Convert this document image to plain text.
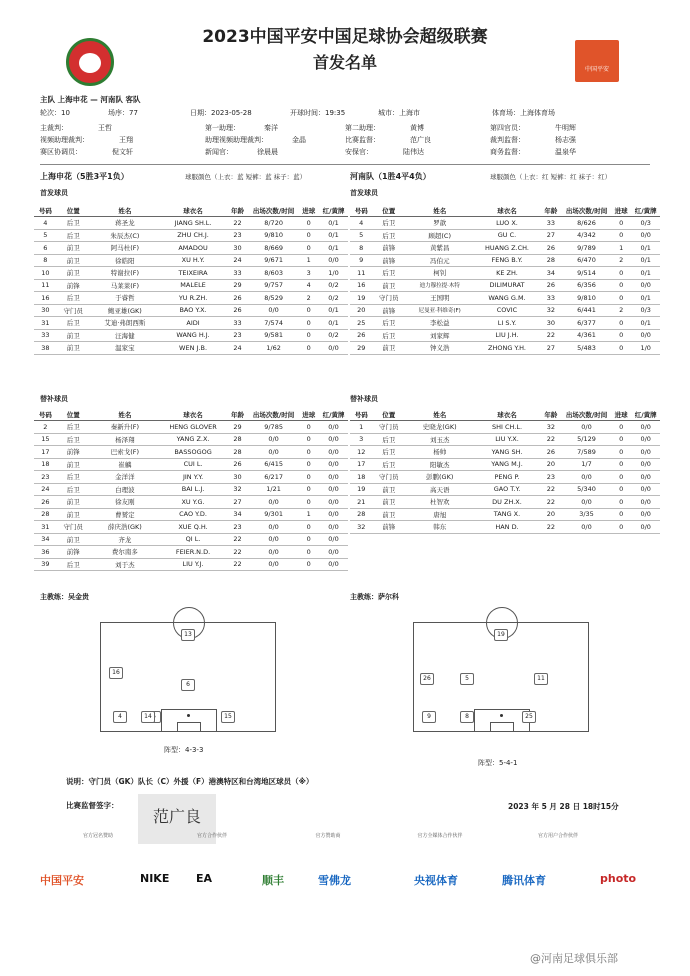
2023中国平安中国足球协会超级联赛
首发名单	中国平安
主队 上海申花 — 河南队 客队
轮次：10	场序：77	日期：2023-05-28	开球时间：19:35	城市：上海市	体育场：上海体育场
主裁判：	王哲	第一助理：	秦洋	第二助理：	黄博	第四官员：	牛明辉
视频助理裁判：	王翔	助理视频助理裁判：	金晶	比赛监督：	范广良	裁判监督：	杨志强
赛区协调员：	倪文轩	新闻官：	徐晨晨	安保官：	陆伟达	商务监督：	温泉华
上海申花（5胜3平1负）	球服颜色（上衣：蓝 短裤：蓝 袜子：蓝）	河南队（1胜4平4负）	球服颜色（上衣：红 短裤：红 袜子：红）
首发球员	首发球员
号码	位置	姓名	球衣名	年龄	出场次数/时间	进球	红/黄牌
4	后卫	蒋圣龙	JIANG SH.L.	22	8/720	0	0/1
5	后卫	朱辰杰(C)	ZHU CH.J.	23	9/810	0	0/1
6	前卫	阿马杜(F)	AMADOU	30	8/669	0	0/1
8	前卫	徐皓阳	XU H.Y.	24	9/671	1	0/0
10	前卫	特谢拉(F)	TEIXEIRA	33	8/603	3	1/0
11	前锋	马莱莱(F)	MALELE	29	9/757	4	0/2
16	后卫	于睿哲	YU R.ZH.	26	8/529	2	0/2
30	守门员	鲍亚雄(GK)	BAO Y.X.	26	0/0	0	0/1
31	后卫	艾迪·弗朗西斯	AIDI	33	7/574	0	0/1
33	前卫	汪海健	WANG H.J.	23	9/581	0	0/2
38	前卫	温家宝	WEN J.B.	24	1/62	0	0/0
号码	位置	姓名	球衣名	年龄	出场次数/时间	进球	红/黄牌
4	后卫	罗歆	LUO X.	33	8/626	0	0/3
5	后卫	顾超(C)	GU C.	27	4/342	0	0/0
8	前锋	黄紫昌	HUANG Z.CH.	26	9/789	1	0/1
9	前锋	冯伯元	FENG B.Y.	28	6/470	2	0/1
11	后卫	柯钊	KE ZH.	34	9/514	0	0/1
16	前卫	迪力穆拉提·木特	DILIMURAT	26	6/356	0	0/0
19	守门员	王国明	WANG G.M.	33	9/810	0	0/1
20	前锋	尼曼亚·科维奇(F)	COVIC	32	6/441	2	0/3
25	后卫	李松益	LI S.Y.	30	6/377	0	0/1
26	后卫	刘家辉	LIU J.H.	22	4/361	0	0/0
29	前卫	钟义浩	ZHONG Y.H.	27	5/483	0	1/0
替补球员	替补球员
号码	位置	姓名	球衣名	年龄	出场次数/时间	进球	红/黄牌
2	后卫	秦新升(F)	HENG GLOVER	29	9/785	0	0/0
15	后卫	杨泽翔	YANG Z.X.	28	0/0	0	0/0
17	前锋	巴索戈(F)	BASSOGOG	28	0/0	0	0/0
18	前卫	崔麟	CUI L.	26	6/415	0	0/0
23	后卫	金洋洋	JIN Y.Y.	30	6/217	0	0/0
24	后卫	白理波	BAI L.J.	32	1/21	0	0/0
26	前卫	徐友刚	XU Y.G.	27	0/0	0	0/0
28	前卫	曹赟定	CAO Y.D.	34	9/301	1	0/0
31	守门员	薛庆浩(GK)	XUE Q.H.	23	0/0	0	0/0
34	前卫	齐龙	QI L.	22	0/0	0	0/0
36	前锋	费尔南多	FEIER.N.D.	22	0/0	0	0/0
39	后卫	刘于杰	LIU Y.J.	22	0/0	0	0/0
号码	位置	姓名	球衣名	年龄	出场次数/时间	进球	红/黄牌
1	守门员	史晓龙(GK)	SHI CH.L.	32	0/0	0	0/0
3	后卫	刘玉杰	LIU Y.X.	22	5/129	0	0/0
12	后卫	杨帅	YANG SH.	26	7/589	0	0/0
17	后卫	阳敏杰	YANG M.J.	20	1/7	0	0/0
18	守门员	彭鹏(GK)	PENG P.	23	0/0	0	0/0
19	前卫	高天语	GAO T.Y.	22	5/340	0	0/0
21	前卫	杜智欢	DU ZH.X.	22	0/0	0	0/0
28	前卫	唐旭	TANG X.	20	3/35	0	0/0
32	前锋	韩东	HAN D.	22	0/0	0	0/0
主教练：吴金贵	主教练：萨尔科
13
4
16
14
6
15
19
26	5	11
9	8	25
阵型：4-3-3
阵型：5-4-1
说明：守门员（GK）队长（C）外援（F）港澳特区和台湾地区球员（※）
比赛监督签字：
范广良
2023 年 5 月 28 日 18时15分
官方冠名赞助	官方合作伙伴	官方赞助商	官方全媒体合作伙伴	官方用户合作伙伴
中国平安	NIKE EA	顺丰	雪佛龙	央视体育	腾讯体育	photo
@河南足球俱乐部
